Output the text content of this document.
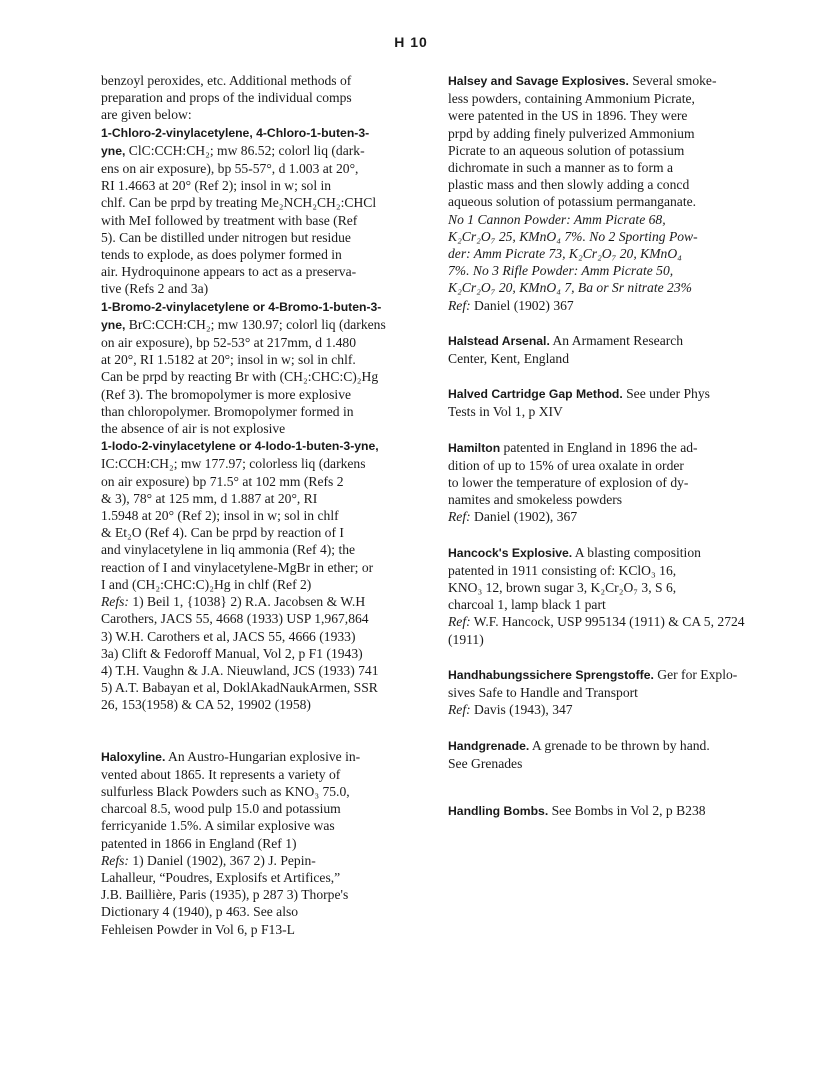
H 10

benzoyl peroxides, etc. Additional methods of
preparation and props of the individual comps
are given below:

1-Chloro-2-vinylacetylene, 4-Chloro-1-buten-3-
yne, ClC:CCH:CH₂; mw 86.52; colorl liq (dark-
ens on air exposure), bp 55-57°, d 1.003 at 20°,
RI 1.4663 at 20° (Ref 2); insol in w; sol in
chlf. Can be prpd by treating Me₂NCH₂CH₂:CHCl
with MeI followed by treatment with base (Ref
5). Can be distilled under nitrogen but residue
tends to explode, as does polymer formed in
air. Hydroquinone appears to act as a preserva-
tive (Refs 2 and 3a)

1-Bromo-2-vinylacetylene or 4-Bromo-1-buten-3-
yne, BrC:CCH:CH₂; mw 130.97; colorl liq (darkens
on air exposure), bp 52-53° at 217mm, d 1.480
at 20°, RI 1.5182 at 20°; insol in w; sol in chlf.
Can be prpd by reacting Br with (CH₂:CHC:C)₂Hg
(Ref 3). The bromopolymer is more explosive
than chloropolymer. Bromopolymer formed in
the absence of air is not explosive

1-Iodo-2-vinylacetylene or 4-Iodo-1-buten-3-yne,
IC:CCH:CH₂; mw 177.97; colorless liq (darkens
on air exposure) bp 71.5° at 102 mm (Refs 2
& 3), 78° at 125 mm, d 1.887 at 20°, RI
1.5948 at 20° (Ref 2); insol in w; sol in chlf
& Et₂O (Ref 4). Can be prpd by reaction of I
and vinylacetylene in liq ammonia (Ref 4); the
reaction of I and vinylacetylene-MgBr in ether; or
I and (CH₂:CHC:C)₂Hg in chlf (Ref 2)

Refs: 1) Beil 1, {1038} 2) R.A. Jacobsen & W.H
Carothers, JACS 55, 4668 (1933) USP 1,967,864
3) W.H. Carothers et al, JACS 55, 4666 (1933)
3a) Clift & Fedoroff Manual, Vol 2, p F1 (1943)
4) T.H. Vaughn & J.A. Nieuwland, JCS (1933) 741
5) A.T. Babayan et al, DoklAkadNaukArmen, SSR
26, 153(1958) & CA 52, 19902 (1958)

Haloxyline. An Austro-Hungarian explosive in-
vented about 1865. It represents a variety of
sulfurless Black Powders such as KNO₃ 75.0,
charcoal 8.5, wood pulp 15.0 and potassium
ferricyanide 1.5%. A similar explosive was
patented in 1866 in England (Ref 1)

Refs: 1) Daniel (1902), 367 2) J. Pepin-
Lahalleur, “Poudres, Explosifs et Artifices,”
J.B. Baillière, Paris (1935), p 287 3) Thorpe's
Dictionary 4 (1940), p 463. See also
Fehleisen Powder in Vol 6, p F13-L

Halsey and Savage Explosives. Several smoke-
less powders, containing Ammonium Picrate,
were patented in the US in 1896. They were
prpd by adding finely pulverized Ammonium
Picrate to an aqueous solution of potassium
dichromate in such a manner as to form a
plastic mass and then slowly adding a concd
aqueous solution of potassium permanganate.
No 1 Cannon Powder: Amm Picrate 68,
K₂Cr₂O₇ 25, KMnO₄ 7%. No 2 Sporting Pow-
der: Amm Picrate 73, K₂Cr₂O₇ 20, KMnO₄
7%. No 3 Rifle Powder: Amm Picrate 50,
K₂Cr₂O₇ 20, KMnO₄ 7, Ba or Sr nitrate 23%

Ref: Daniel (1902) 367

Halstead Arsenal. An Armament Research
Center, Kent, England

Halved Cartridge Gap Method. See under Phys
Tests in Vol 1, p XIV

Hamilton patented in England in 1896 the ad-
dition of up to 15% of urea oxalate in order
to lower the temperature of explosion of dy-
namites and smokeless powders

Ref: Daniel (1902), 367

Hancock's Explosive. A blasting composition
patented in 1911 consisting of: KClO₃ 16,
KNO₃ 12, brown sugar 3, K₂Cr₂O₇ 3, S 6,
charcoal 1, lamp black 1 part

Ref: W.F. Hancock, USP 995134 (1911) & CA 5, 2724
(1911)

Handhabungssichere Sprengstoffe. Ger for Explo-
sives Safe to Handle and Transport

Ref: Davis (1943), 347

Handgrenade. A grenade to be thrown by hand.
See Grenades

Handling Bombs. See Bombs in Vol 2, p B238
